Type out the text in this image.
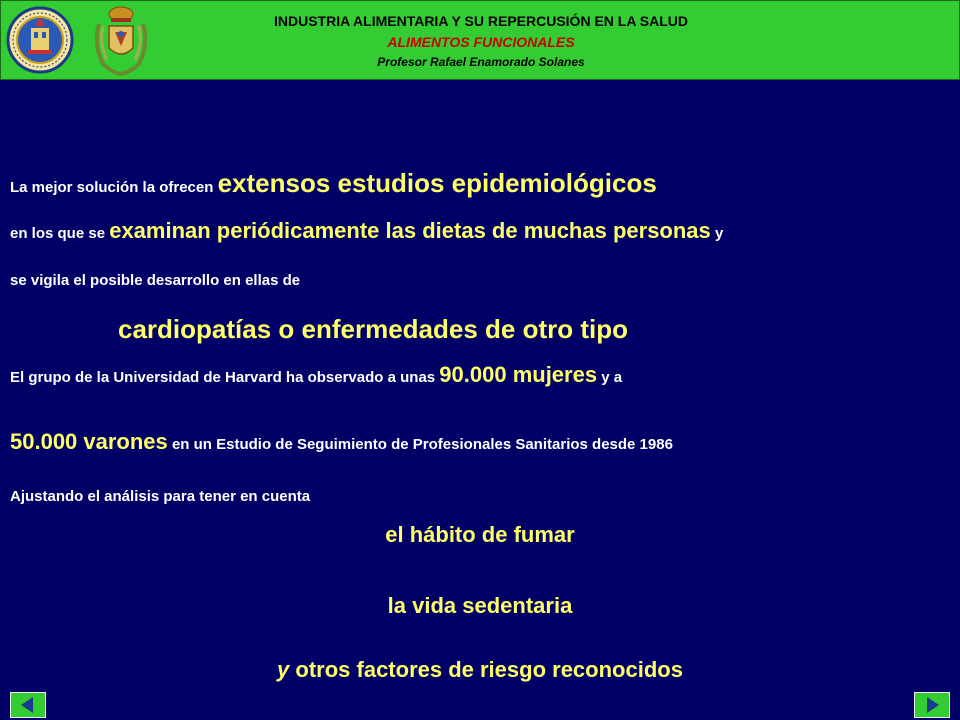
INDUSTRIA ALIMENTARIA Y SU REPERCUSIÓN EN LA SALUD
ALIMENTOS FUNCIONALES
Profesor Rafael Enamorado Solanes
La mejor solución la ofrecen extensos estudios epidemiológicos
en los que se examinan periódicamente las dietas de muchas personas y
se vigila el posible desarrollo en ellas de
cardiopatías o enfermedades de otro tipo
El grupo de la Universidad de Harvard ha observado a unas 90.000 mujeres y a
50.000 varones en un Estudio de Seguimiento de Profesionales Sanitarios desde 1986
Ajustando el análisis para tener en cuenta
el hábito de fumar
la vida sedentaria
y otros factores de riesgo reconocidos
